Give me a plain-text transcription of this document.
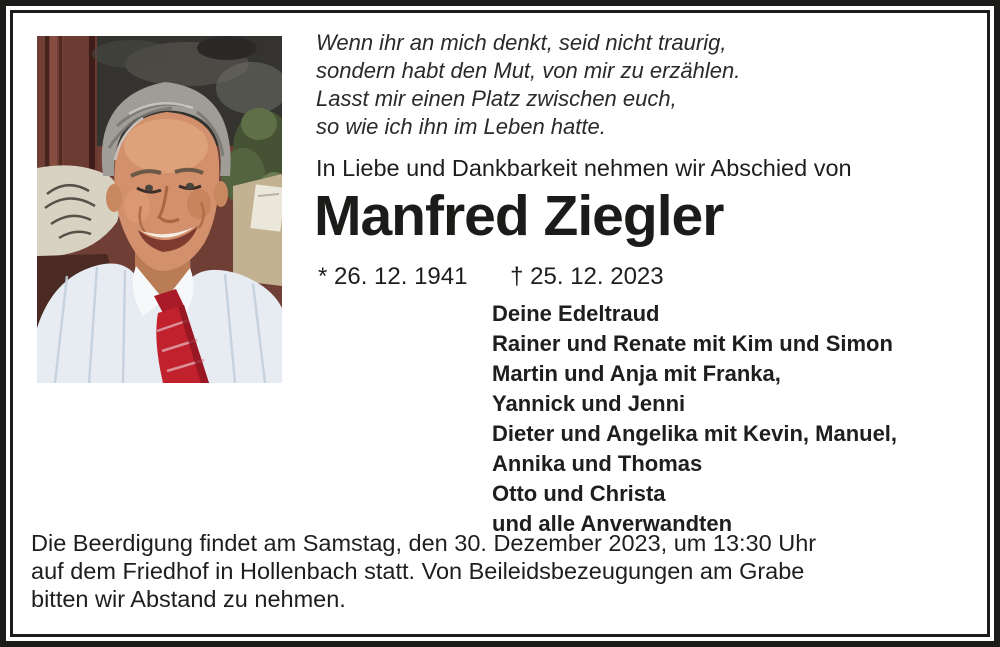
Wenn ihr an mich denkt, seid nicht traurig,
sondern habt den Mut, von mir zu erzählen.
Lasst mir einen Platz zwischen euch,
so wie ich ihn im Leben hatte.
In Liebe und Dankbarkeit nehmen wir Abschied von
Manfred Ziegler
* 26. 12. 1941 † 25. 12. 2023
Deine Edeltraud
Rainer und Renate mit Kim und Simon
Martin und Anja mit Franka,
Yannick und Jenni
Dieter und Angelika mit Kevin, Manuel,
Annika und Thomas
Otto und Christa
und alle Anverwandten
Die Beerdigung findet am Samstag, den 30. Dezember 2023, um 13:30 Uhr
auf dem Friedhof in Hollenbach statt. Von Beileidsbezeugungen am Grabe
bitten wir Abstand zu nehmen.
